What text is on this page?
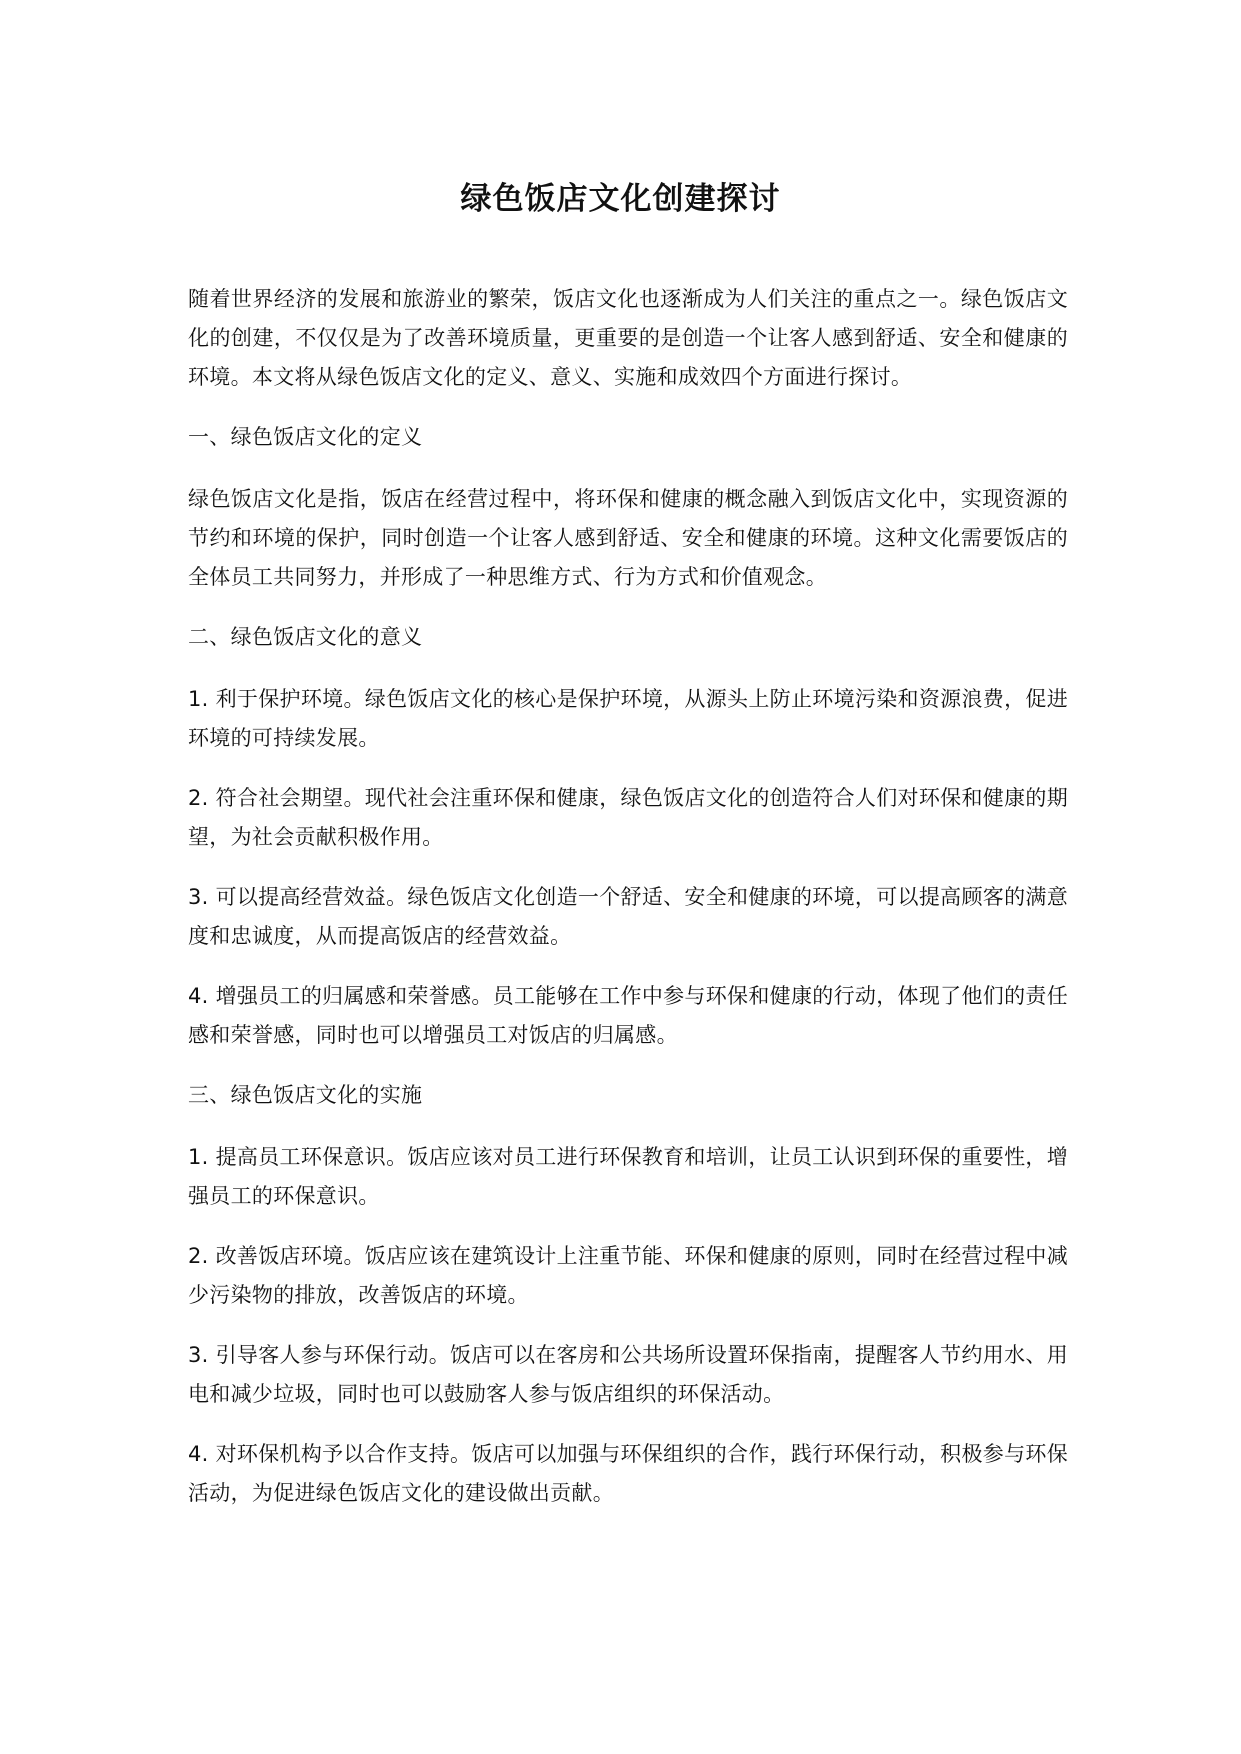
绿色饭店文化创建探讨

随着世界经济的发展和旅游业的繁荣，饭店文化也逐渐成为人们关注的重点之一。绿色饭店文化的创建，不仅仅是为了改善环境质量，更重要的是创造一个让客人感到舒适、安全和健康的环境。本文将从绿色饭店文化的定义、意义、实施和成效四个方面进行探讨。

一、绿色饭店文化的定义

绿色饭店文化是指，饭店在经营过程中，将环保和健康的概念融入到饭店文化中，实现资源的节约和环境的保护，同时创造一个让客人感到舒适、安全和健康的环境。这种文化需要饭店的全体员工共同努力，并形成了一种思维方式、行为方式和价值观念。

二、绿色饭店文化的意义

1. 利于保护环境。绿色饭店文化的核心是保护环境，从源头上防止环境污染和资源浪费，促进环境的可持续发展。

2. 符合社会期望。现代社会注重环保和健康，绿色饭店文化的创造符合人们对环保和健康的期望，为社会贡献积极作用。

3. 可以提高经营效益。绿色饭店文化创造一个舒适、安全和健康的环境，可以提高顾客的满意度和忠诚度，从而提高饭店的经营效益。

4. 增强员工的归属感和荣誉感。员工能够在工作中参与环保和健康的行动，体现了他们的责任感和荣誉感，同时也可以增强员工对饭店的归属感。

三、绿色饭店文化的实施

1. 提高员工环保意识。饭店应该对员工进行环保教育和培训，让员工认识到环保的重要性，增强员工的环保意识。

2. 改善饭店环境。饭店应该在建筑设计上注重节能、环保和健康的原则，同时在经营过程中减少污染物的排放，改善饭店的环境。

3. 引导客人参与环保行动。饭店可以在客房和公共场所设置环保指南，提醒客人节约用水、用电和减少垃圾，同时也可以鼓励客人参与饭店组织的环保活动。

4. 对环保机构予以合作支持。饭店可以加强与环保组织的合作，践行环保行动，积极参与环保活动，为促进绿色饭店文化的建设做出贡献。
